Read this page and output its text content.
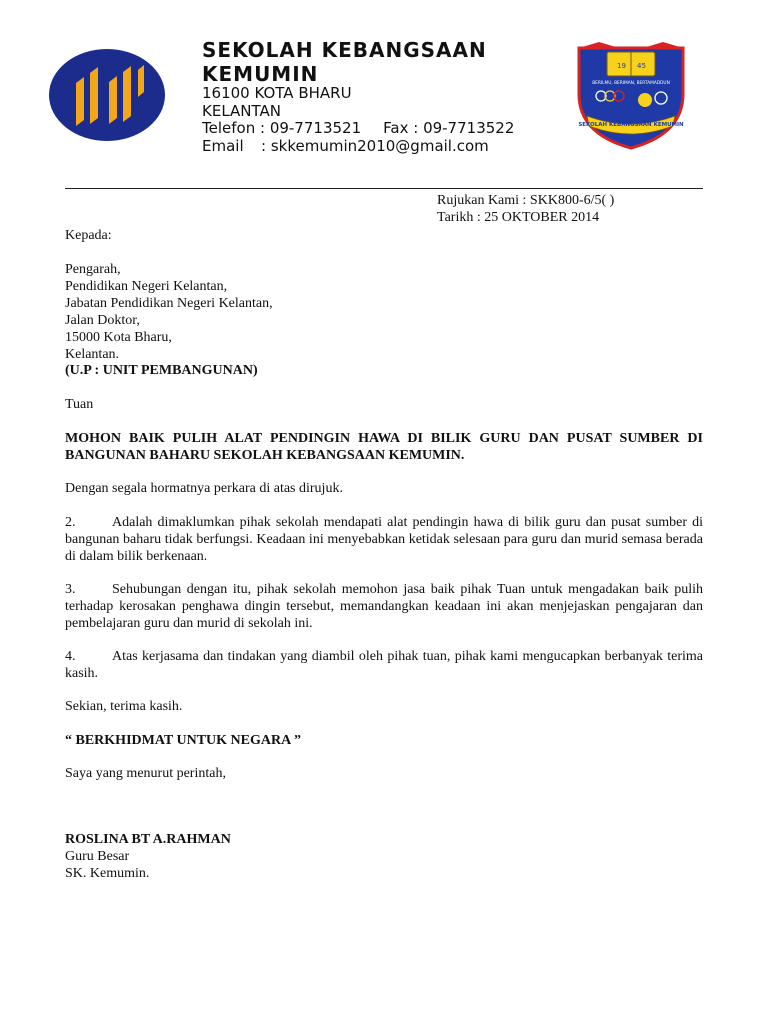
19 45
BERILMU, BERIMAN, BERTAMADDUN
SEKOLAH KEBANGSAAN KEMUMIN
SEKOLAH KEBANGSAAN KEMUMIN
16100 KOTA BHARU
KELANTAN
Telefon : 09-7713521 Fax : 09-7713522
Email : skkemumin2010@gmail.com
Rujukan Kami : SKK800-6/5( )
Tarikh : 25 OKTOBER 2014
Kepada:
Pengarah,
Pendidikan Negeri Kelantan,
Jabatan Pendidikan Negeri Kelantan,
Jalan Doktor,
15000 Kota Bharu,
Kelantan.
(U.P : UNIT PEMBANGUNAN)
Tuan
MOHON BAIK PULIH ALAT PENDINGIN HAWA DI BILIK GURU DAN PUSAT SUMBER DI BANGUNAN BAHARU SEKOLAH KEBANGSAAN KEMUMIN.
Dengan segala hormatnya perkara di atas dirujuk.
2.	Adalah dimaklumkan pihak sekolah mendapati alat pendingin hawa di bilik guru dan pusat sumber di bangunan baharu tidak berfungsi. Keadaan ini menyebabkan ketidak selesaan para guru dan murid semasa berada di dalam bilik berkenaan.
3.	Sehubungan dengan itu, pihak sekolah memohon jasa baik pihak Tuan untuk mengadakan baik pulih terhadap kerosakan penghawa dingin tersebut, memandangkan keadaan ini akan menjejaskan pengajaran dan pembelajaran guru dan murid di sekolah ini.
4.	Atas kerjasama dan tindakan yang diambil oleh pihak tuan, pihak kami mengucapkan berbanyak terima kasih.
Sekian, terima kasih.
“ BERKHIDMAT UNTUK NEGARA ”
Saya yang menurut perintah,
ROSLINA BT A.RAHMAN
Guru Besar
SK. Kemumin.
